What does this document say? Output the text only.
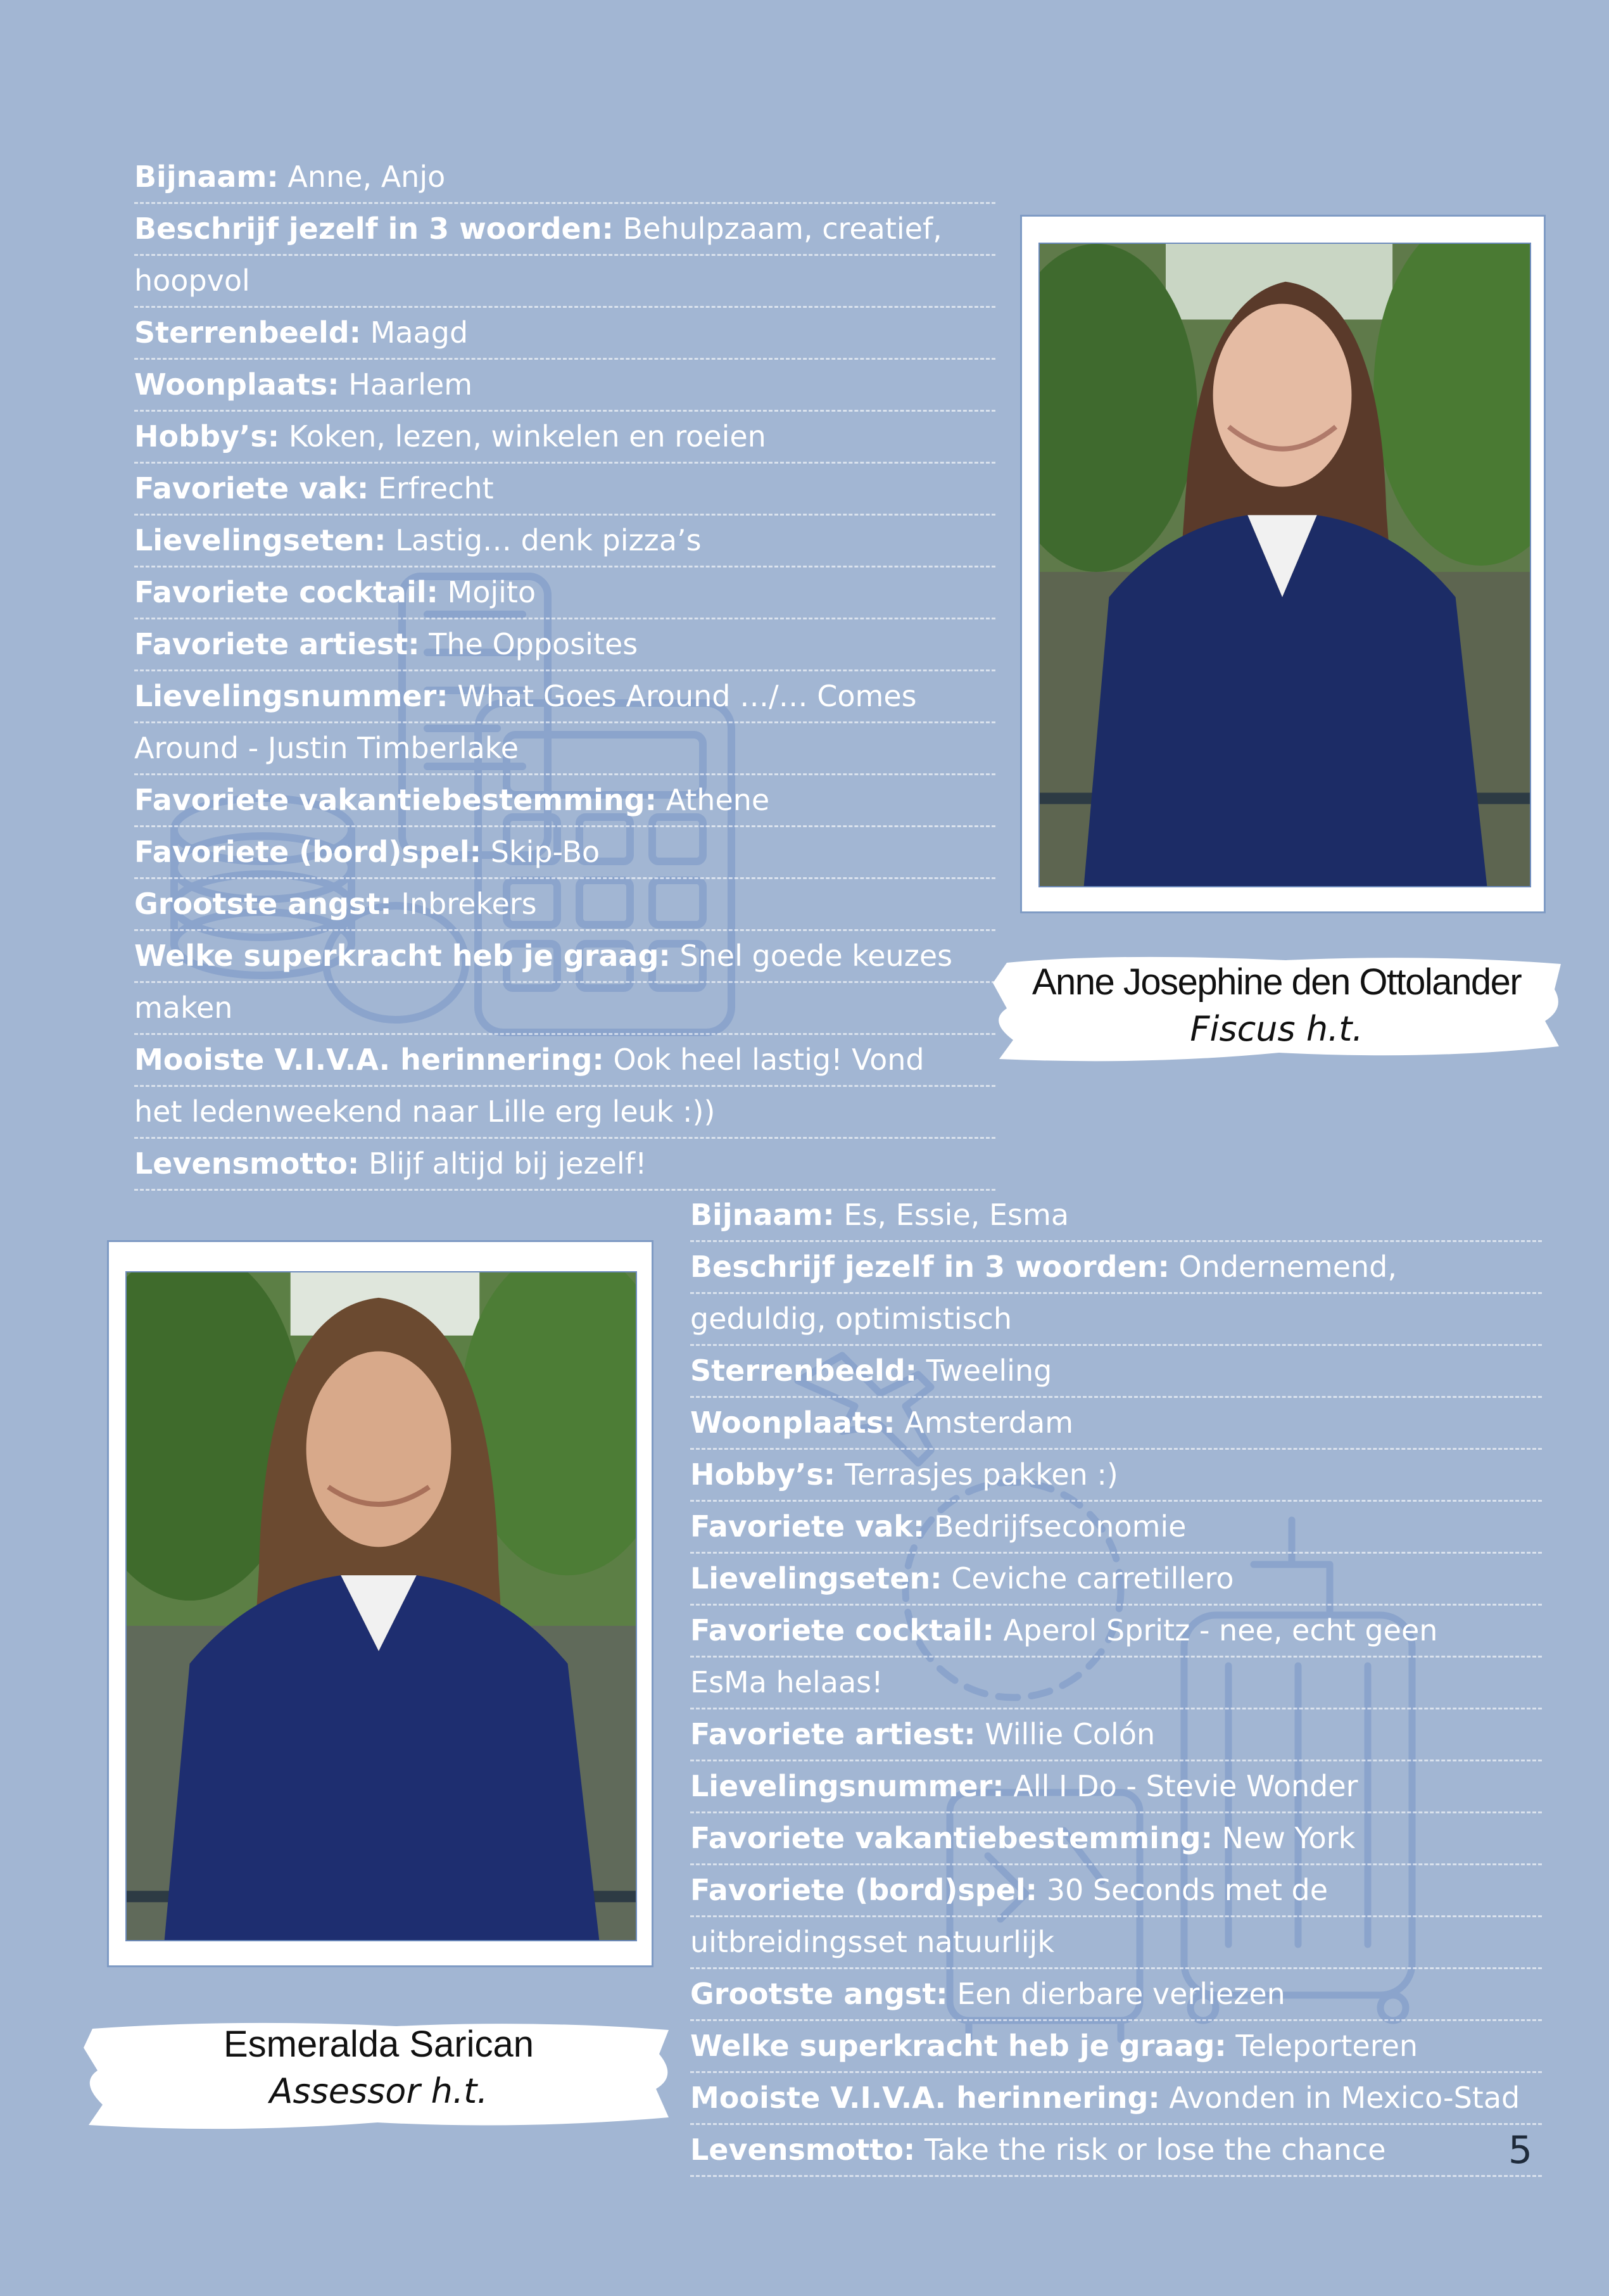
Bijnaam: Anne, Anjo
Beschrijf jezelf in 3 woorden: Behulpzaam, creatief,
hoopvol
Sterrenbeeld: Maagd
Woonplaats: Haarlem
Hobby’s: Koken, lezen, winkelen en roeien
Favoriete vak: Erfrecht
Lievelingseten: Lastig… denk pizza’s
Favoriete cocktail: Mojito
Favoriete artiest: The Opposites
Lievelingsnummer: What Goes Around …/… Comes
Around - Justin Timberlake
Favoriete vakantiebestemming: Athene
Favoriete (bord)spel: Skip-Bo
Grootste angst: Inbrekers
Welke superkracht heb je graag: Snel goede keuzes
maken
Mooiste V.I.V.A. herinnering: Ook heel lastig! Vond
het ledenweekend naar Lille erg leuk :))
Levensmotto: Blijf altijd bij jezelf!
Anne Josephine den Ottolander
Fiscus h.t.
Esmeralda Sarican
Assessor h.t.
Bijnaam: Es, Essie, Esma
Beschrijf jezelf in 3 woorden: Ondernemend,
geduldig, optimistisch
Sterrenbeeld: Tweeling
Woonplaats: Amsterdam
Hobby’s: Terrasjes pakken :)
Favoriete vak: Bedrijfseconomie
Lievelingseten: Ceviche carretillero
Favoriete cocktail: Aperol Spritz - nee, echt geen
EsMa helaas!
Favoriete artiest: Willie Colón
Lievelingsnummer: All I Do - Stevie Wonder
Favoriete vakantiebestemming: New York
Favoriete (bord)spel: 30 Seconds met de
uitbreidingsset natuurlijk
Grootste angst: Een dierbare verliezen
Welke superkracht heb je graag: Teleporteren
Mooiste V.I.V.A. herinnering: Avonden in Mexico-Stad
Levensmotto: Take the risk or lose the chance	5
